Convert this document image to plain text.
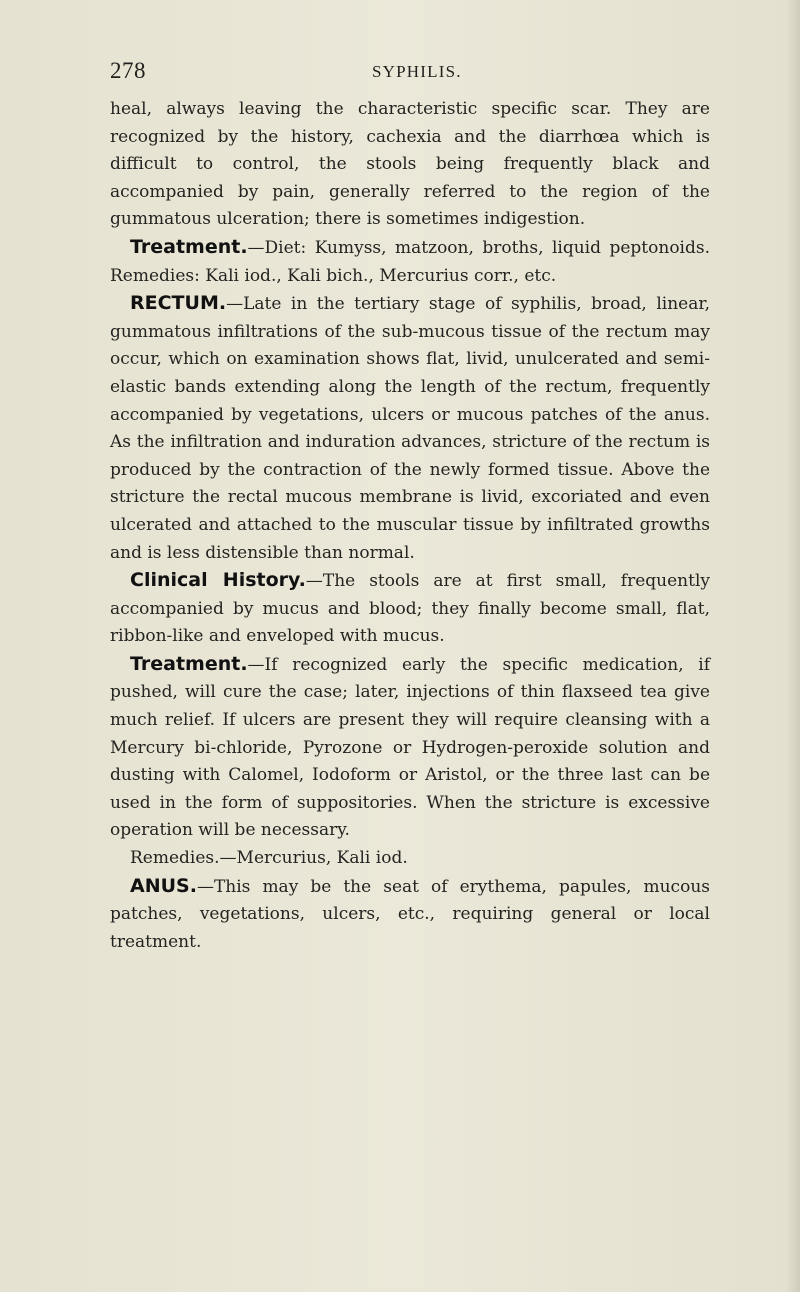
278	SYPHILIS.

heal, always leaving the characteristic specific scar. They are recognized by the history, cachexia and the diarrhœa which is difficult to control, the stools being frequently black and accompanied by pain, generally referred to the region of the gummatous ulceration; there is sometimes indigestion.

Treatment.—Diet: Kumyss, matzoon, broths, liquid peptonoids. Remedies: Kali iod., Kali bich., Mercurius corr., etc.

RECTUM.—Late in the tertiary stage of syphilis, broad, linear, gummatous infiltrations of the sub-mucous tissue of the rectum may occur, which on examination shows flat, livid, unulcerated and semi-elastic bands extending along the length of the rectum, frequently accompanied by vegetations, ulcers or mucous patches of the anus. As the infiltration and induration advances, stricture of the rectum is produced by the contraction of the newly formed tissue. Above the stricture the rectal mucous membrane is livid, excoriated and even ulcerated and attached to the muscular tissue by infiltrated growths and is less distensible than normal.

Clinical History.—The stools are at first small, frequently accompanied by mucus and blood; they finally become small, flat, ribbon-like and enveloped with mucus.

Treatment.—If recognized early the specific medication, if pushed, will cure the case; later, injections of thin flaxseed tea give much relief. If ulcers are present they will require cleansing with a Mercury bi-chloride, Pyrozone or Hydrogen-peroxide solution and dusting with Calomel, Iodoform or Aristol, or the three last can be used in the form of suppositories. When the stricture is excessive operation will be necessary.

Remedies.—Mercurius, Kali iod.

ANUS.—This may be the seat of erythema, papules, mucous patches, vegetations, ulcers, etc., requiring general or local treatment.
